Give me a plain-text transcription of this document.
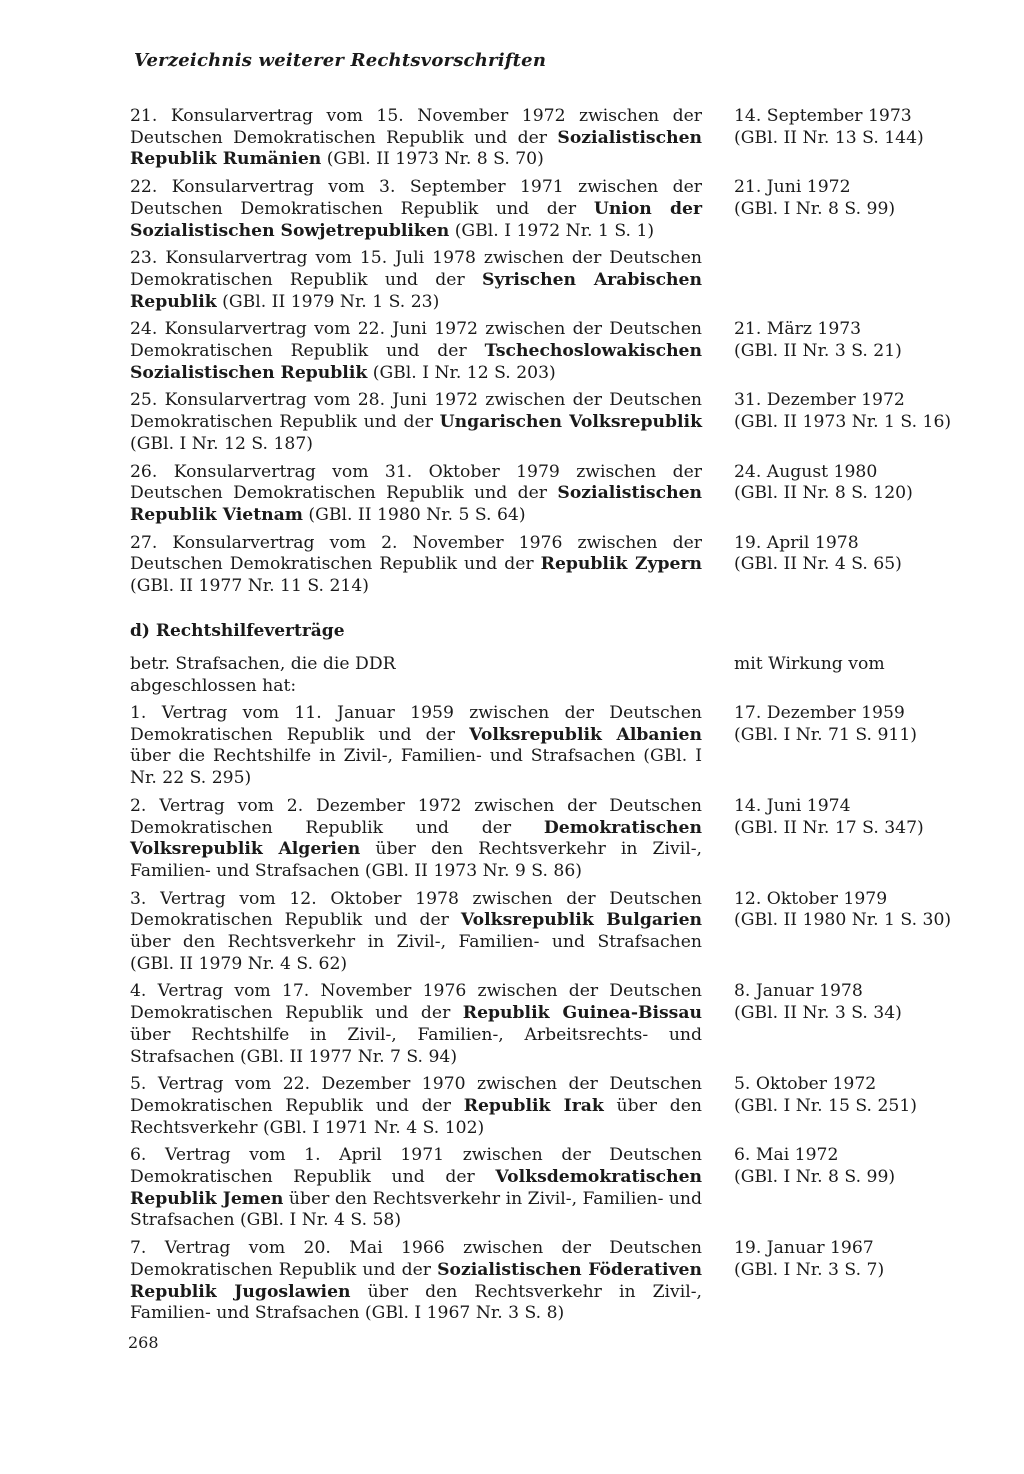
Verzeichnis weiterer Rechtsvorschriften
21. Konsularvertrag vom 15. November 1972 zwischen der Deutschen Demokratischen Republik und der Sozialistischen Republik Rumänien (GBl. II 1973 Nr. 8 S. 70)
14. September 1973
(GBl. II Nr. 13 S. 144)
22. Konsularvertrag vom 3. September 1971 zwischen der Deutschen Demokratischen Republik und der Union der Sozialistischen Sowjetrepubliken (GBl. I 1972 Nr. 1 S. 1)
21. Juni 1972
(GBl. I Nr. 8 S. 99)
23. Konsularvertrag vom 15. Juli 1978 zwischen der Deutschen Demokratischen Republik und der Syrischen Arabischen Republik (GBl. II 1979 Nr. 1 S. 23)
24. Konsularvertrag vom 22. Juni 1972 zwischen der Deutschen Demokratischen Republik und der Tschechoslowakischen Sozialistischen Republik (GBl. I Nr. 12 S. 203)
21. März 1973
(GBl. II Nr. 3 S. 21)
25. Konsularvertrag vom 28. Juni 1972 zwischen der Deutschen Demokratischen Republik und der Ungarischen Volksrepublik (GBl. I Nr. 12 S. 187)
31. Dezember 1972
(GBl. II 1973 Nr. 1 S. 16)
26. Konsularvertrag vom 31. Oktober 1979 zwischen der Deutschen Demokratischen Republik und der Sozialistischen Republik Vietnam (GBl. II 1980 Nr. 5 S. 64)
24. August 1980
(GBl. II Nr. 8 S. 120)
27. Konsularvertrag vom 2. November 1976 zwischen der Deutschen Demokratischen Republik und der Republik Zypern (GBl. II 1977 Nr. 11 S. 214)
19. April 1978
(GBl. II Nr. 4 S. 65)
d) Rechtshilfeverträge
betr. Strafsachen, die die DDR
abgeschlossen hat:
mit Wirkung vom
1. Vertrag vom 11. Januar 1959 zwischen der Deutschen Demokratischen Republik und der Volksrepublik Albanien über die Rechtshilfe in Zivil-, Familien- und Strafsachen (GBl. I Nr. 22 S. 295)
17. Dezember 1959
(GBl. I Nr. 71 S. 911)
2. Vertrag vom 2. Dezember 1972 zwischen der Deutschen Demokratischen Republik und der Demokratischen Volksrepublik Algerien über den Rechtsverkehr in Zivil-, Familien- und Strafsachen (GBl. II 1973 Nr. 9 S. 86)
14. Juni 1974
(GBl. II Nr. 17 S. 347)
3. Vertrag vom 12. Oktober 1978 zwischen der Deutschen Demokratischen Republik und der Volksrepublik Bulgarien über den Rechtsverkehr in Zivil-, Familien- und Strafsachen (GBl. II 1979 Nr. 4 S. 62)
12. Oktober 1979
(GBl. II 1980 Nr. 1 S. 30)
4. Vertrag vom 17. November 1976 zwischen der Deutschen Demokratischen Republik und der Republik Guinea-Bissau über Rechtshilfe in Zivil-, Familien-, Arbeitsrechts- und Strafsachen (GBl. II 1977 Nr. 7 S. 94)
8. Januar 1978
(GBl. II Nr. 3 S. 34)
5. Vertrag vom 22. Dezember 1970 zwischen der Deutschen Demokratischen Republik und der Republik Irak über den Rechtsverkehr (GBl. I 1971 Nr. 4 S. 102)
5. Oktober 1972
(GBl. I Nr. 15 S. 251)
6. Vertrag vom 1. April 1971 zwischen der Deutschen Demokratischen Republik und der Volksdemokratischen Republik Jemen über den Rechtsverkehr in Zivil-, Familien- und Strafsachen (GBl. I Nr. 4 S. 58)
6. Mai 1972
(GBl. I Nr. 8 S. 99)
7. Vertrag vom 20. Mai 1966 zwischen der Deutschen Demokratischen Republik und der Sozialistischen Föderativen Republik Jugoslawien über den Rechtsverkehr in Zivil-, Familien- und Strafsachen (GBl. I 1967 Nr. 3 S. 8)
19. Januar 1967
(GBl. I Nr. 3 S. 7)
268
